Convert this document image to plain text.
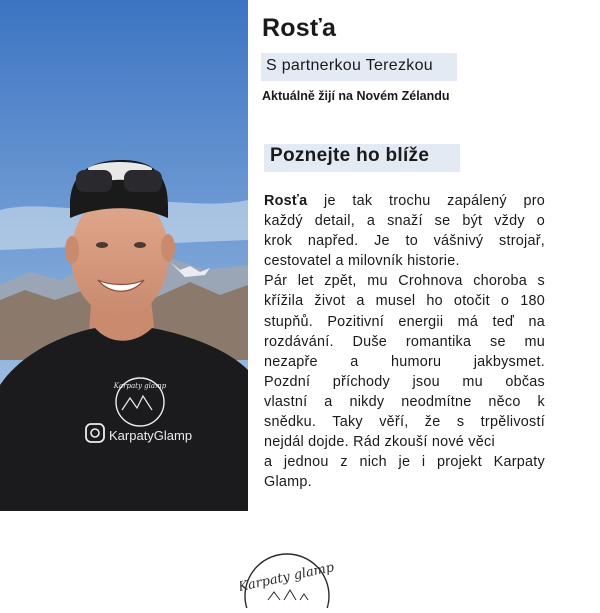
Karpaty glamp
KarpatyGlamp
Rosťa

S partnerkou Terezkou

Aktuálně žijí na Novém Zélandu

Poznejte ho blíže
Rosťa je tak trochu zapálený pro
každý detail, a snaží se být vždy o
krok napřed. Je to vášnivý strojař,
cestovatel a milovník historie.
Pár let zpět, mu Crohnova choroba s
křížila život a musel ho otočit o 180
stupňů. Pozitivní energii má teď na
rozdávání. Duše romantika se mu
nezapře a humoru jakbysmet.
Pozdní příchody jsou mu občas
vlastní a nikdy neodmítne něco k
snědku. Taky věří, že s trpělivostí
nejdál dojde. Rád zkouší nové věci
a jednou z nich je i projekt Karpaty
Glamp.
Karpaty glamp
